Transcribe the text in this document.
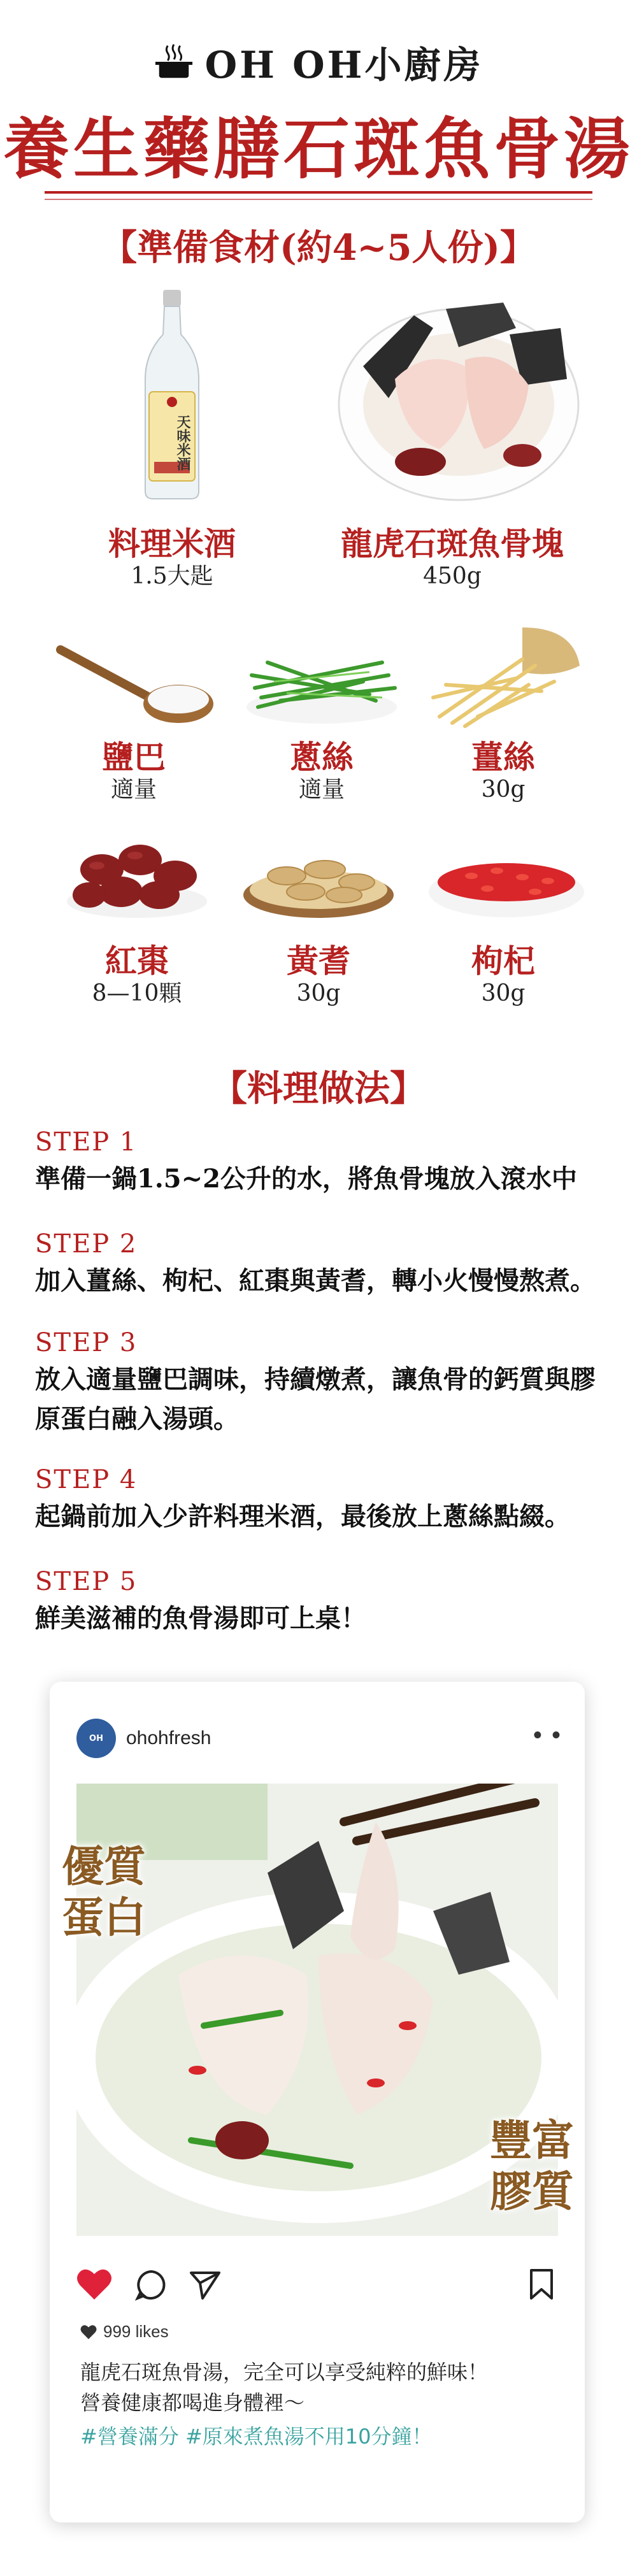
OH OH小廚房
養生藥膳石斑魚骨湯
【準備食材(約4~5人份)】
天味米酒
料理米酒
1.5大匙
龍虎石斑魚骨塊
450g
鹽巴
適量
蔥絲
適量
薑絲
30g
紅棗
8—10顆
黃耆
30g
枸杞
30g
【料理做法】
STEP 1
準備一鍋1.5~2公升的水，將魚骨塊放入滾水中
STEP 2
加入薑絲、枸杞、紅棗與黃耆，轉小火慢慢熬煮。
STEP 3
放入適量鹽巴調味，持續燉煮，讓魚骨的鈣質與膠原蛋白融入湯頭。
STEP 4
起鍋前加入少許料理米酒，最後放上蔥絲點綴。
STEP 5
鮮美滋補的魚骨湯即可上桌！
OH	ohohfresh	• •
999 likes
龍虎石斑魚骨湯，完全可以享受純粹的鮮味！
營養健康都喝進身體裡～
#營養滿分 #原來煮魚湯不用10分鐘！
優質蛋白
豐富膠質
